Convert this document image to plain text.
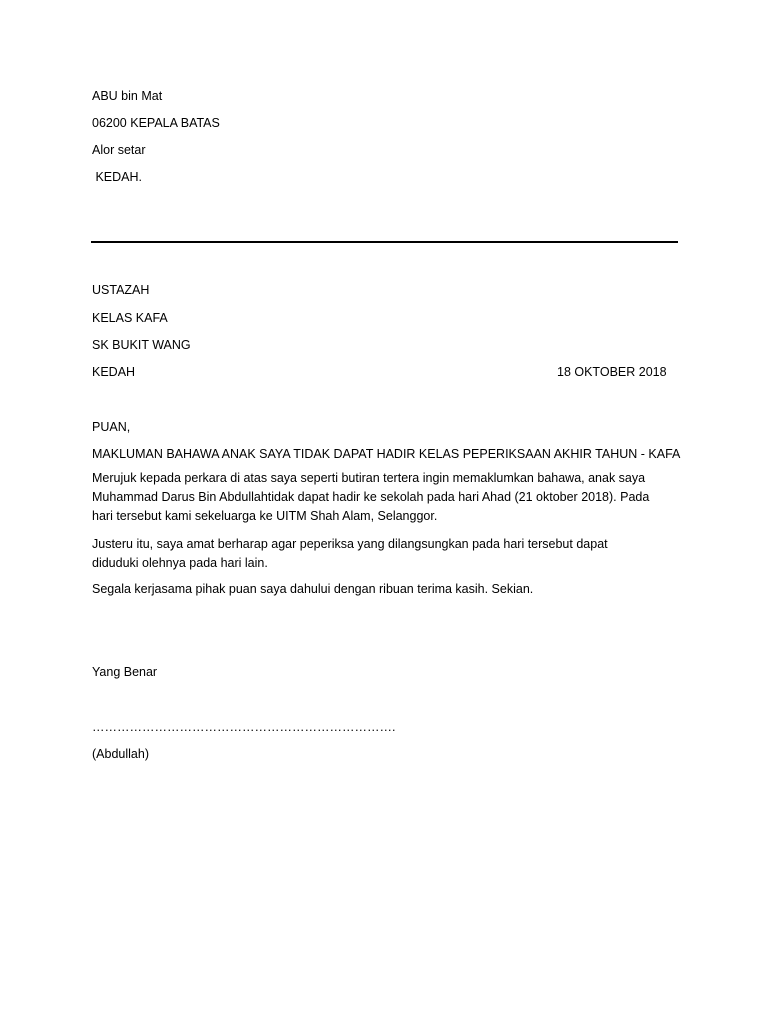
ABU bin Mat
06200 KEPALA BATAS
Alor setar
KEDAH.
USTAZAH
KELAS KAFA
SK BUKIT WANG
KEDAH	18 OKTOBER 2018
PUAN,
MAKLUMAN BAHAWA ANAK SAYA TIDAK DAPAT HADIR KELAS PEPERIKSAAN AKHIR TAHUN - KAFA
Merujuk kepada perkara di atas saya seperti butiran tertera ingin memaklumkan bahawa, anak saya
Muhammad Darus Bin Abdullahtidak dapat hadir ke sekolah pada hari Ahad (21 oktober 2018). Pada
hari tersebut kami sekeluarga ke UITM Shah Alam, Selanggor.
Justeru itu, saya amat berharap agar peperiksa yang dilangsungkan pada hari tersebut dapat
diduduki olehnya pada hari lain.
Segala kerjasama pihak puan saya dahului dengan ribuan terima kasih. Sekian.
Yang Benar
……………………………………………………………….
(Abdullah)
